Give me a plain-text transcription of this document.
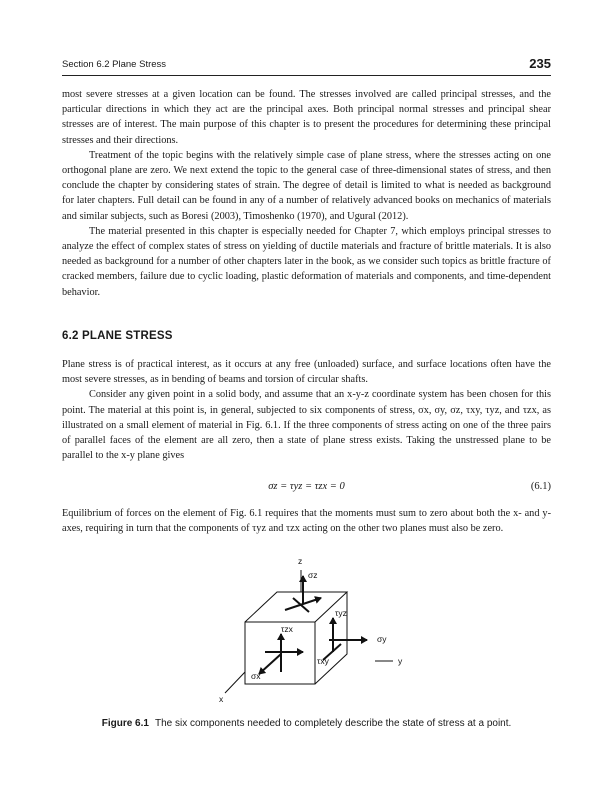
Section 6.2 Plane Stress	235

most severe stresses at a given location can be found. The stresses involved are called principal stresses, and the particular directions in which they act are the principal axes. Both principal normal stresses and principal shear stresses are of interest. The main purpose of this chapter is to present the procedures for determining these principal stresses and their directions.

Treatment of the topic begins with the relatively simple case of plane stress, where the stresses acting on one orthogonal plane are zero. We next extend the topic to the general case of three-dimensional states of stress, and then conclude the chapter by considering states of strain. The degree of detail is limited to what is needed as background for later chapters. Full detail can be found in any of a number of relatively advanced books on mechanics of materials and similar subjects, such as Boresi (2003), Timoshenko (1970), and Ugural (2012).

The material presented in this chapter is especially needed for Chapter 7, which employs principal stresses to analyze the effect of complex states of stress on yielding of ductile materials and fracture of brittle materials. It is also needed as background for a number of other chapters later in the book, as we consider such topics as brittle fracture of cracked members, failure due to cyclic loading, plastic deformation of materials and components, and time-dependent behavior.

6.2 PLANE STRESS

Plane stress is of practical interest, as it occurs at any free (unloaded) surface, and surface locations often have the most severe stresses, as in bending of beams and torsion of circular shafts.

Consider any given point in a solid body, and assume that an x-y-z coordinate system has been chosen for this point. The material at this point is, in general, subjected to six components of stress, σx, σy, σz, τxy, τyz, and τzx, as illustrated on a small element of material in Fig. 6.1. If the three components of stress acting on one of the three pairs of parallel faces of the element are all zero, then a state of plane stress exists. Taking the unstressed plane to be parallel to the x-y plane gives

σz = τyz = τzx = 0	(6.1)

Equilibrium of forces on the element of Fig. 6.1 requires that the moments must sum to zero about both the x- and y-axes, requiring in turn that the components of τyz and τzx acting on the other two planes must also be zero.

z
σz
τyz
τzx
σy
τxy	y
σx
x
Figure 6.1 The six components needed to completely describe the state of stress at a point.
